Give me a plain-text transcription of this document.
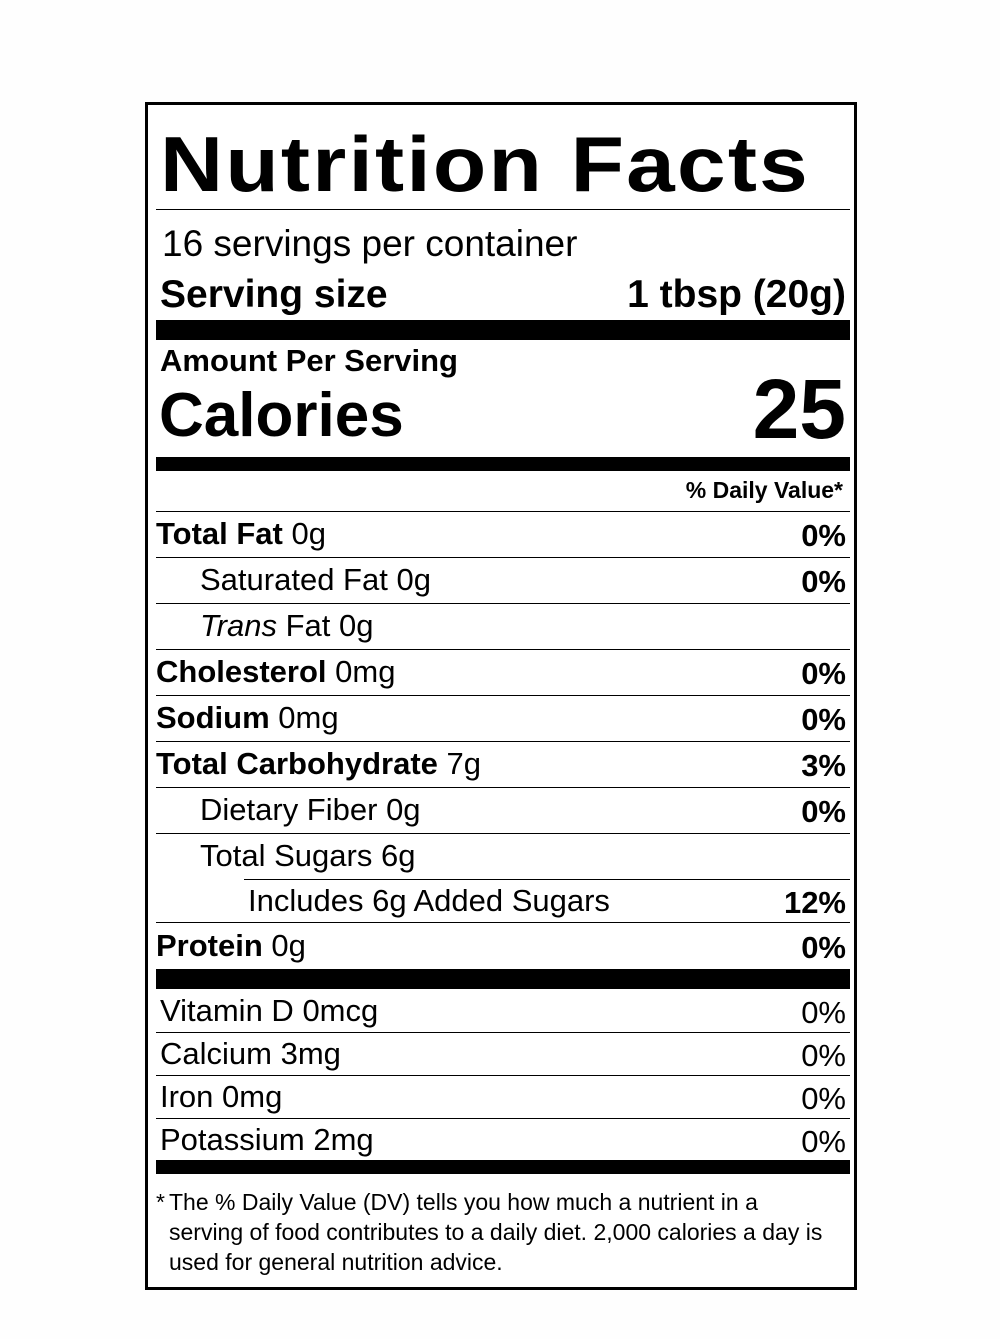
Nutrition Facts
16 servings per container
Serving size	1 tbsp (20g)
Amount Per Serving
Calories	25
% Daily Value*
Total Fat 0g	0%
Saturated Fat 0g	0%
Trans Fat 0g
Cholesterol 0mg	0%
Sodium 0mg	0%
Total Carbohydrate 7g	3%
Dietary Fiber 0g	0%
Total Sugars 6g
Includes 6g Added Sugars	12%
Protein 0g	0%
Vitamin D 0mcg	0%
Calcium 3mg	0%
Iron 0mg	0%
Potassium 2mg	0%
* The % Daily Value (DV) tells you how much a nutrient in a serving of food contributes to a daily diet. 2,000 calories a day is used for general nutrition advice.
